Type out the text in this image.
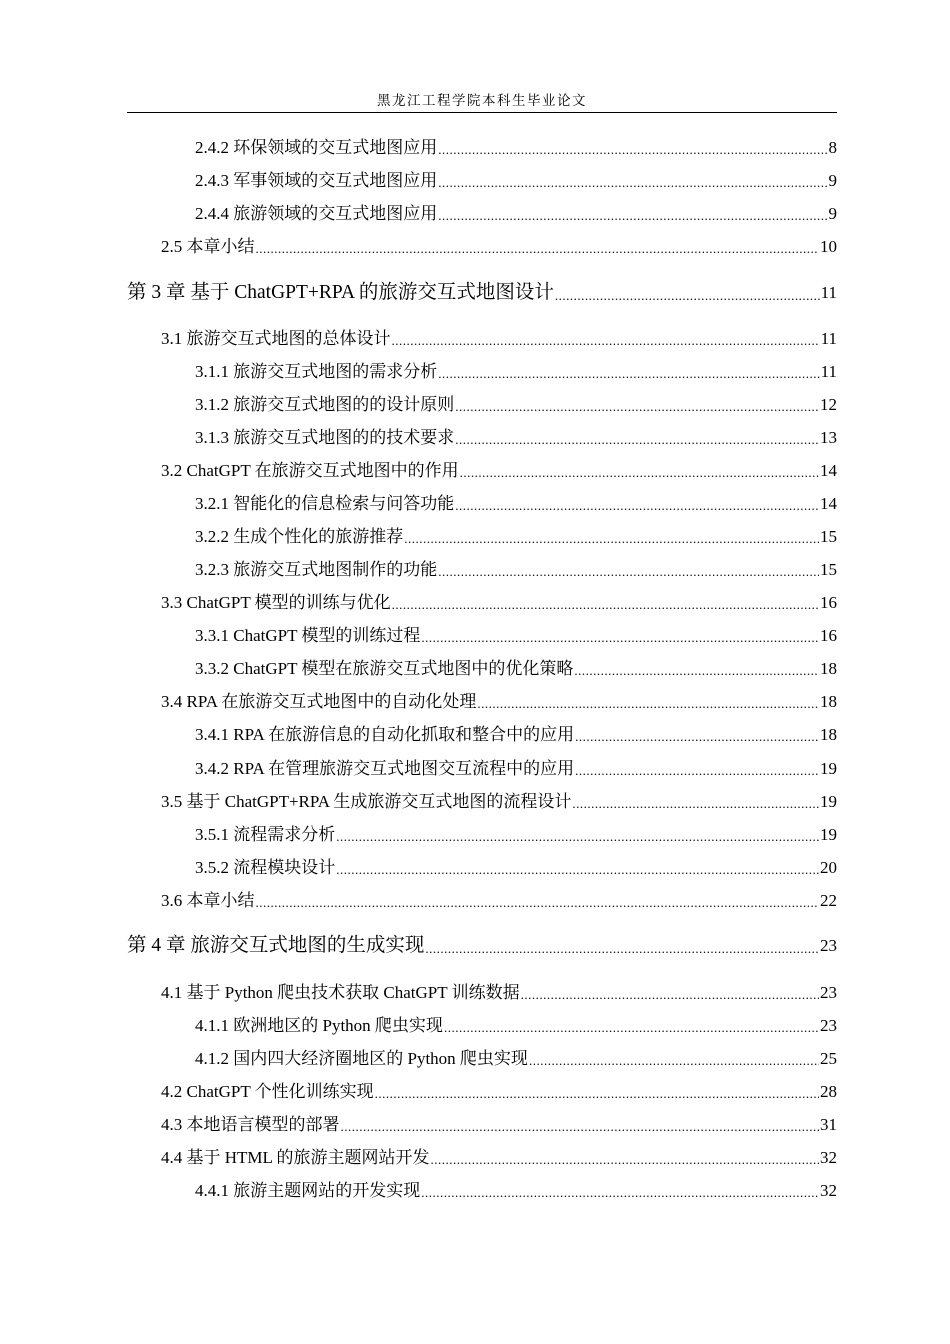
黑龙江工程学院本科生毕业论文
2.4.2 环保领域的交互式地图应用 .....	8
2.4.3 军事领域的交互式地图应用 .....	9
2.4.4 旅游领域的交互式地图应用 .....	9
2.5 本章小结 .....	10
第 3 章 基于 ChatGPT+RPA 的旅游交互式地图设计 .....	11
3.1 旅游交互式地图的总体设计 .....	11
3.1.1 旅游交互式地图的需求分析 .....	11
3.1.2 旅游交互式地图的的设计原则 .....	12
3.1.3 旅游交互式地图的的技术要求 .....	13
3.2 ChatGPT 在旅游交互式地图中的作用 .....	14
3.2.1 智能化的信息检索与问答功能 .....	14
3.2.2 生成个性化的旅游推荐 .....	15
3.2.3 旅游交互式地图制作的功能 .....	15
3.3 ChatGPT 模型的训练与优化 .....	16
3.3.1 ChatGPT 模型的训练过程 .....	16
3.3.2 ChatGPT 模型在旅游交互式地图中的优化策略 .....	18
3.4 RPA 在旅游交互式地图中的自动化处理 .....	18
3.4.1 RPA 在旅游信息的自动化抓取和整合中的应用 .....	18
3.4.2 RPA 在管理旅游交互式地图交互流程中的应用 .....	19
3.5 基于 ChatGPT+RPA 生成旅游交互式地图的流程设计 .....	19
3.5.1 流程需求分析 .....	19
3.5.2 流程模块设计 .....	20
3.6 本章小结 .....	22
第 4 章 旅游交互式地图的生成实现 .....	23
4.1 基于 Python 爬虫技术获取 ChatGPT 训练数据 .....	23
4.1.1 欧洲地区的 Python 爬虫实现 .....	23
4.1.2 国内四大经济圈地区的 Python 爬虫实现 .....	25
4.2 ChatGPT 个性化训练实现 .....	28
4.3 本地语言模型的部署 .....	31
4.4 基于 HTML 的旅游主题网站开发 .....	32
4.4.1 旅游主题网站的开发实现 .....	32
